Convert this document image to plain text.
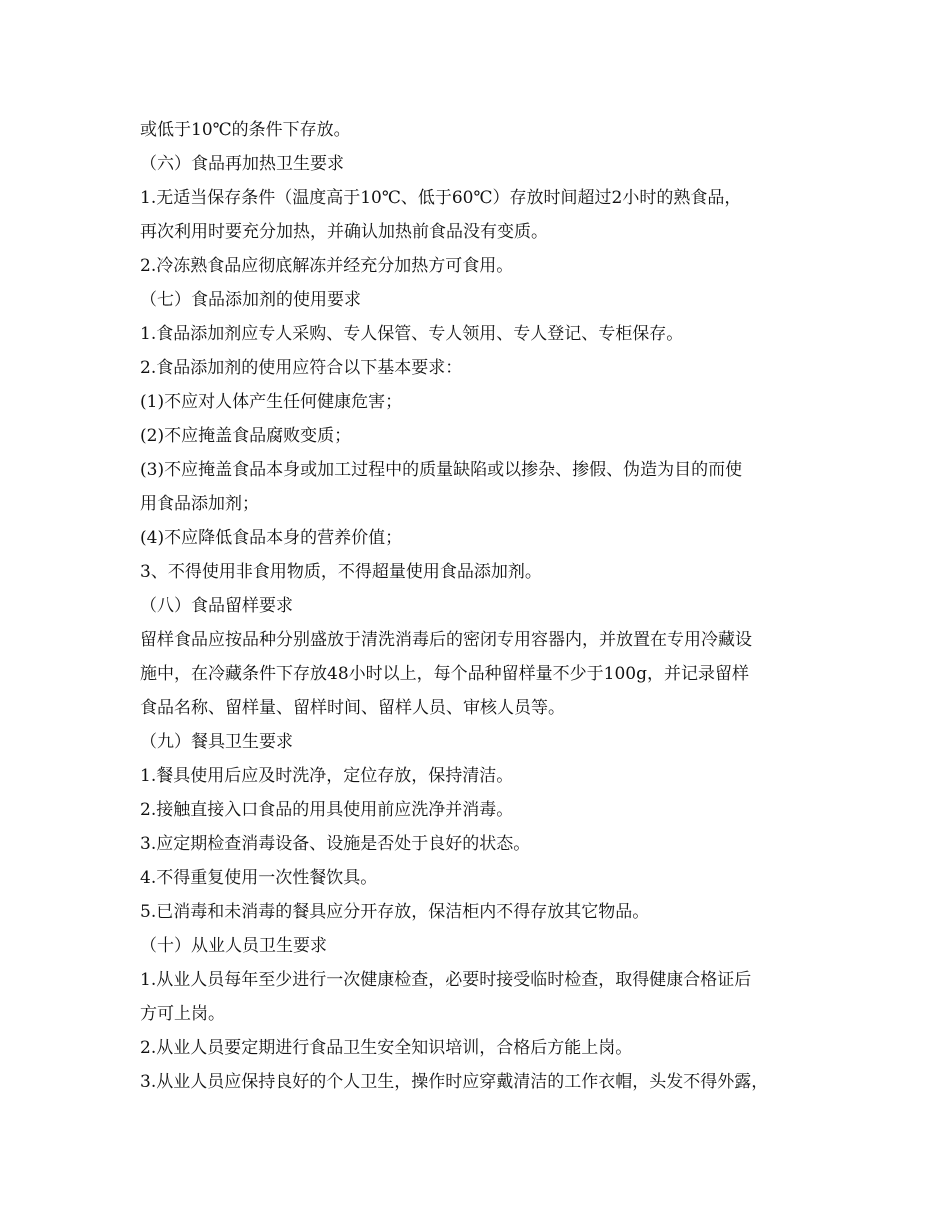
或低于10℃的条件下存放。
（六）食品再加热卫生要求
1.无适当保存条件（温度高于10℃、低于60℃）存放时间超过2小时的熟食品，
再次利用时要充分加热，并确认加热前食品没有变质。
2.冷冻熟食品应彻底解冻并经充分加热方可食用。
（七）食品添加剂的使用要求
1.食品添加剂应专人采购、专人保管、专人领用、专人登记、专柜保存。
2.食品添加剂的使用应符合以下基本要求：
(1)不应对人体产生任何健康危害；
(2)不应掩盖食品腐败变质；
(3)不应掩盖食品本身或加工过程中的质量缺陷或以掺杂、掺假、伪造为目的而使
用食品添加剂；
(4)不应降低食品本身的营养价值；
3、不得使用非食用物质，不得超量使用食品添加剂。
（八）食品留样要求
留样食品应按品种分别盛放于清洗消毒后的密闭专用容器内，并放置在专用冷藏设
施中，在冷藏条件下存放48小时以上，每个品种留样量不少于100g，并记录留样
食品名称、留样量、留样时间、留样人员、审核人员等。
（九）餐具卫生要求
1.餐具使用后应及时洗净，定位存放，保持清洁。
2.接触直接入口食品的用具使用前应洗净并消毒。
3.应定期检查消毒设备、设施是否处于良好的状态。
4.不得重复使用一次性餐饮具。
5.已消毒和未消毒的餐具应分开存放，保洁柜内不得存放其它物品。
（十）从业人员卫生要求
1.从业人员每年至少进行一次健康检查，必要时接受临时检查，取得健康合格证后
方可上岗。
2.从业人员要定期进行食品卫生安全知识培训，合格后方能上岗。
3.从业人员应保持良好的个人卫生，操作时应穿戴清洁的工作衣帽，头发不得外露，
